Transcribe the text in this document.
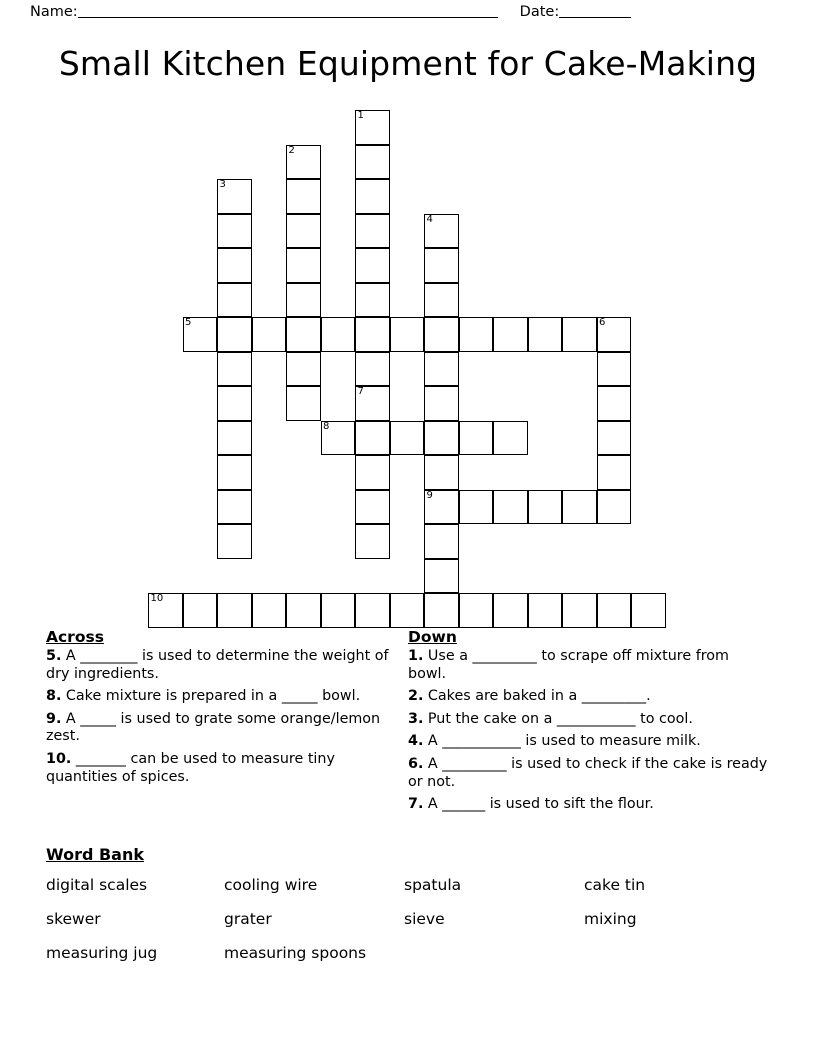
Name:	Date:
Small Kitchen Equipment for Cake-Making
1
2
3
4
5	6
7
8
9
10
Across
5. A ________ is used to determine the weight of dry ingredients.
8. Cake mixture is prepared in a _____ bowl.
9. A _____ is used to grate some orange/lemon zest.
10. _______ can be used to measure tiny quantities of spices.
Down
1. Use a _________ to scrape off mixture from bowl.
2. Cakes are baked in a _________.
3. Put the cake on a ___________ to cool.
4. A ___________ is used to measure milk.
6. A _________ is used to check if the cake is ready or not.
7. A ______ is used to sift the flour.
Word Bank
digital scales	cooling wire	spatula	cake tin
skewer	grater	sieve	mixing
measuring jug	measuring spoons
